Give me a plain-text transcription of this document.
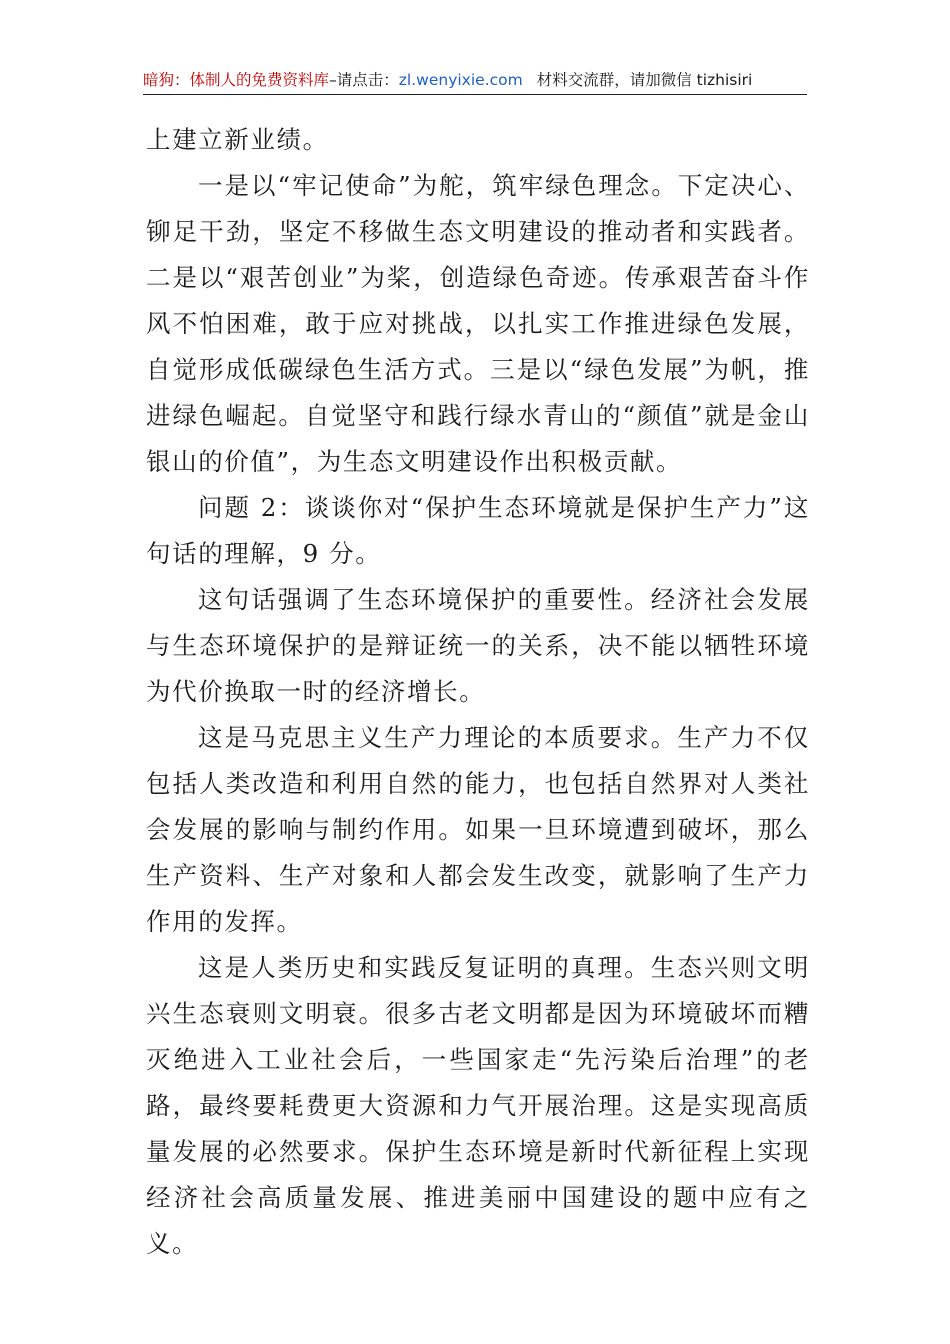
暗狗：体制人的免费资料库–请点击：zl.wenyixie.com 材料交流群，请加微信 tizhisiri

上建立新业绩。

一是以“牢记使命”为舵，筑牢绿色理念。下定决心、铆足干劲，坚定不移做生态文明建设的推动者和实践者。二是以“艰苦创业”为桨，创造绿色奇迹。传承艰苦奋斗作风不怕困难，敢于应对挑战，以扎实工作推进绿色发展，自觉形成低碳绿色生活方式。三是以“绿色发展”为帆，推进绿色崛起。自觉坚守和践行绿水青山的“颜值”就是金山银山的价值”，为生态文明建设作出积极贡献。

问题 2：谈谈你对“保护生态环境就是保护生产力”这句话的理解，9 分。

这句话强调了生态环境保护的重要性。经济社会发展与生态环境保护的是辩证统一的关系，决不能以牺牲环境为代价换取一时的经济增长。

这是马克思主义生产力理论的本质要求。生产力不仅包括人类改造和利用自然的能力，也包括自然界对人类社会发展的影响与制约作用。如果一旦环境遭到破坏，那么生产资料、生产对象和人都会发生改变，就影响了生产力作用的发挥。

这是人类历史和实践反复证明的真理。生态兴则文明兴生态衰则文明衰。很多古老文明都是因为环境破坏而糟灭绝进入工业社会后，一些国家走“先污染后治理”的老路，最终要耗费更大资源和力气开展治理。这是实现高质量发展的必然要求。保护生态环境是新时代新征程上实现经济社会高质量发展、推进美丽中国建设的题中应有之义。
